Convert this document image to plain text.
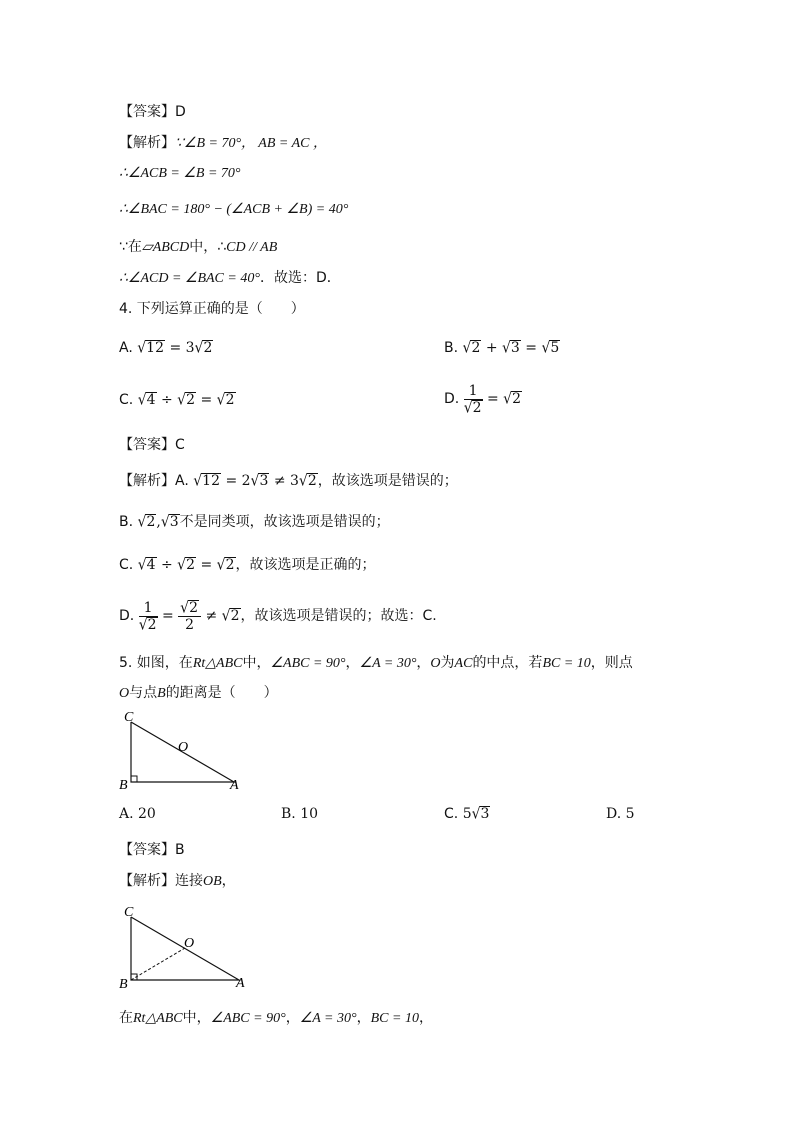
【答案】D
【解析】∵∠B = 70°， AB = AC ，
∴∠ACB = ∠B = 70°
∴∠BAC = 180° − (∠ACB + ∠B) = 40°
∵在▱ABCD中，∴CD // AB
∴∠ACD = ∠BAC = 40°．故选：D．
4. 下列运算正确的是（　　）
A. √12 = 3√2	B. √2 + √3 = √5
C. √4 ÷ √2 = √2	D. $\frac{1}{√2} = √2$
【答案】C
【解析】A. √12 = 2√3 ≠ 3√2，故该选项是错误的；
B. √2,√3不是同类项，故该选项是错误的；
C. √4 ÷ √2 = √2，故该选项是正确的；
D. $\frac{1}{√2} = \frac{√2}{2} \ne √2$，故该选项是错误的；故选：C.
5. 如图，在Rt△ABC中，∠ABC = 90°，∠A = 30°，O为AC的中点，若BC = 10，则点
O与点B的距离是（　　）
C
O
B	A
A. 20	B. 10	C. 5√3	D. 5
【答案】B
【解析】连接OB，
C
O
B	A
在Rt△ABC中，∠ABC = 90°，∠A = 30°，BC = 10，
